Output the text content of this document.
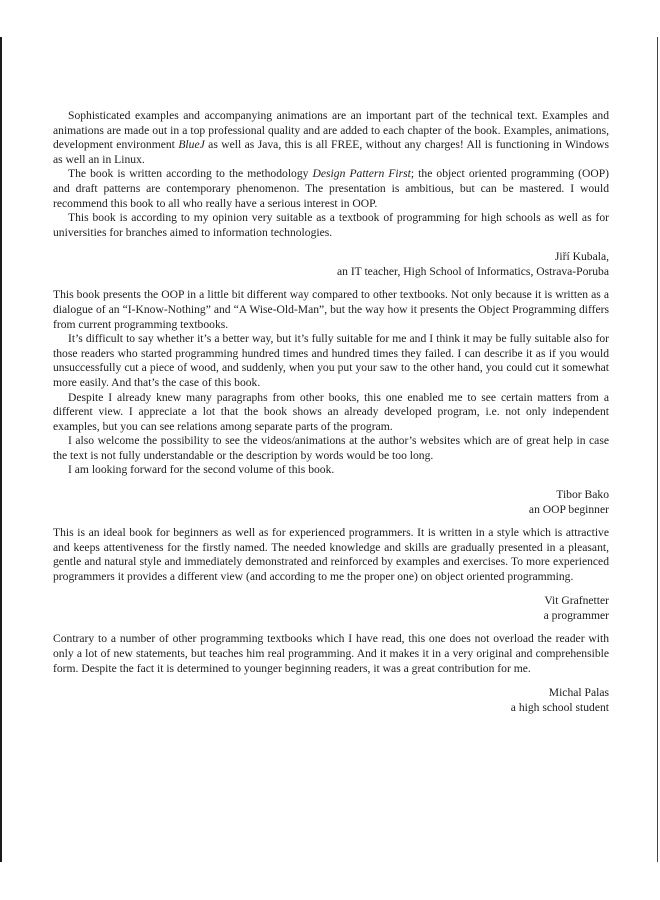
Sophisticated examples and accompanying animations are an important part of the technical text. Examples and animations are made out in a top professional quality and are added to each chapter of the book. Examples, animations, development environment BlueJ as well as Java, this is all FREE, without any charges! All is functioning in Windows as well an in Linux.

The book is written according to the methodology Design Pattern First; the object oriented programming (OOP) and draft patterns are contemporary phenomenon. The presentation is ambitious, but can be mastered. I would recommend this book to all who really have a serious interest in OOP.

This book is according to my opinion very suitable as a textbook of programming for high schools as well as for universities for branches aimed to information technologies.

Jiří Kubala,
an IT teacher, High School of Informatics, Ostrava-Poruba

This book presents the OOP in a little bit different way compared to other textbooks. Not only because it is written as a dialogue of an “I-Know-Nothing” and “A Wise-Old-Man”, but the way how it presents the Object Programming differs from current programming textbooks.

It’s difficult to say whether it’s a better way, but it’s fully suitable for me and I think it may be fully suitable also for those readers who started programming hundred times and hundred times they failed. I can describe it as if you would unsuccessfully cut a piece of wood, and suddenly, when you put your saw to the other hand, you could cut it somewhat more easily. And that’s the case of this book.

Despite I already knew many paragraphs from other books, this one enabled me to see certain matters from a different view. I appreciate a lot that the book shows an already developed program, i.e. not only independent examples, but you can see relations among separate parts of the program.

I also welcome the possibility to see the videos/animations at the author’s websites which are of great help in case the text is not fully understandable or the description by words would be too long.

I am looking forward for the second volume of this book.

Tibor Bako
an OOP beginner

This is an ideal book for beginners as well as for experienced programmers. It is written in a style which is attractive and keeps attentiveness for the firstly named. The needed knowledge and skills are gradually presented in a pleasant, gentle and natural style and immediately demonstrated and reinforced by examples and exercises. To more experienced programmers it provides a different view (and according to me the proper one) on object oriented programming.

Vit Grafnetter
a programmer

Contrary to a number of other programming textbooks which I have read, this one does not overload the reader with only a lot of new statements, but teaches him real programming. And it makes it in a very original and comprehensible form. Despite the fact it is determined to younger beginning readers, it was a great contribution for me.

Michal Palas
a high school student
